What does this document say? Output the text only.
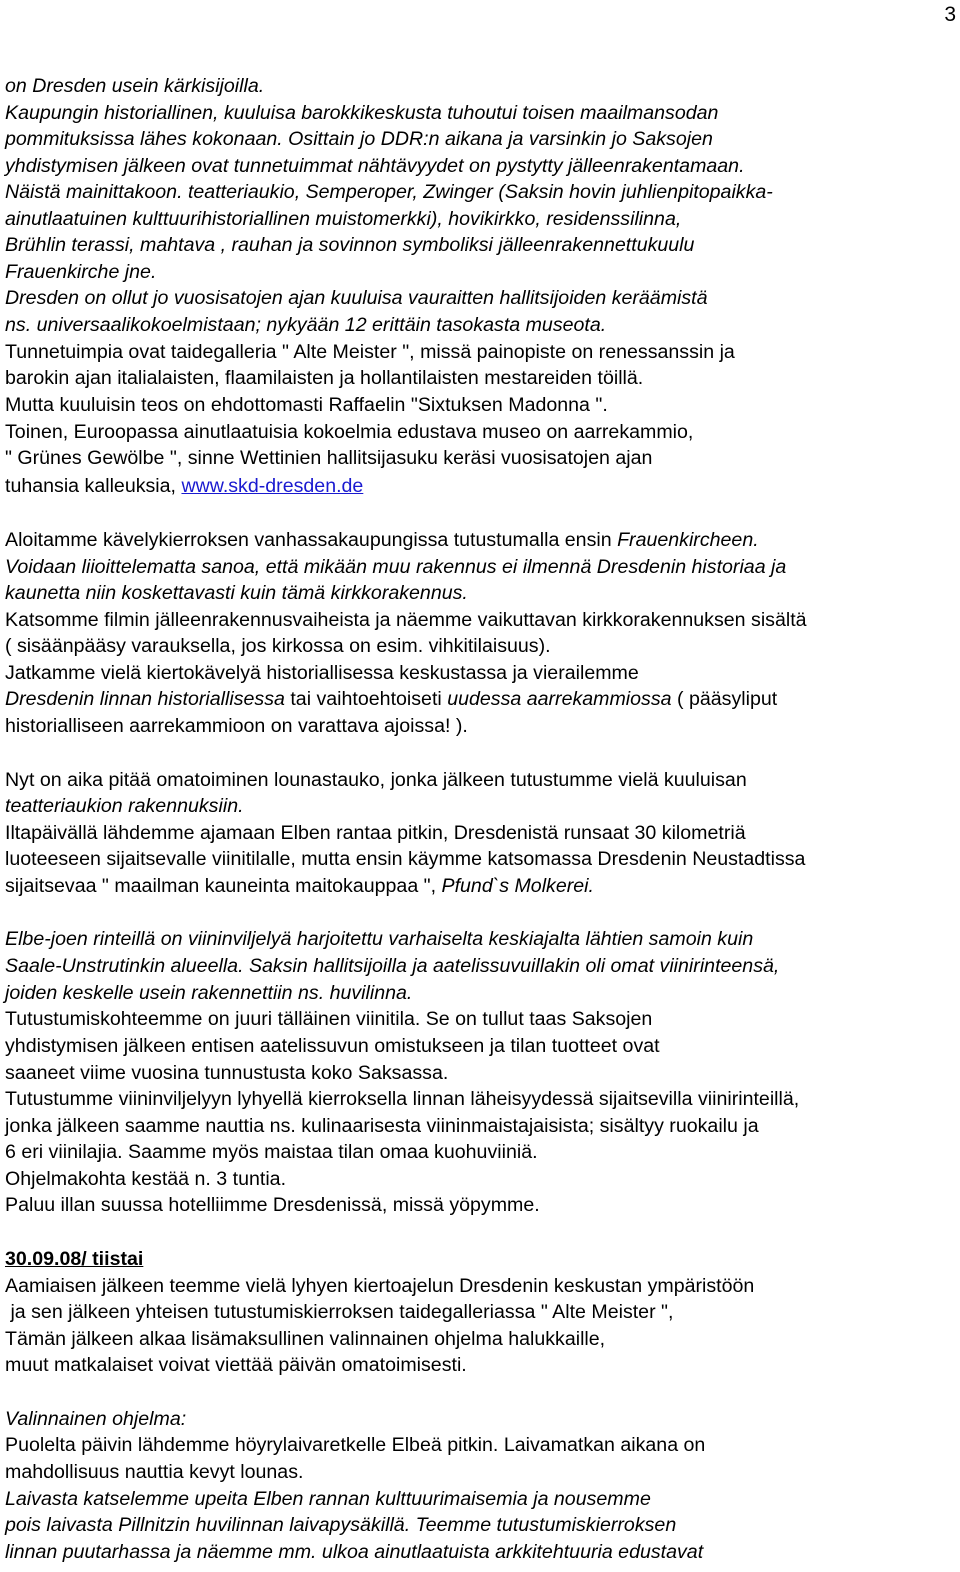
3
on Dresden usein kärkisijoilla.
Kaupungin historiallinen, kuuluisa barokkikeskusta tuhoutui toisen maailmansodan
pommituksissa lähes kokonaan. Osittain jo DDR:n aikana ja varsinkin jo Saksojen
yhdistymisen jälkeen ovat tunnetuimmat nähtävyydet on pystytty jälleenrakentamaan.
Näistä mainittakoon. teatteriaukio, Semperoper, Zwinger (Saksin hovin juhlienpitopaikka-
ainutlaatuinen kulttuurihistoriallinen muistomerkki), hovikirkko, residenssilinna,
Brühlin terassi, mahtava , rauhan ja sovinnon symboliksi jälleenrakennettukuulu
Frauenkirche jne.
Dresden on ollut jo vuosisatojen ajan kuuluisa vauraitten hallitsijoiden keräämistä
ns. universaalikokoelmistaan; nykyään 12 erittäin tasokasta museota.
Tunnetuimpia ovat taidegalleria " Alte Meister ", missä painopiste on renessanssin ja
barokin ajan italialaisten, flaamilaisten ja hollantilaisten mestareiden töillä.
Mutta kuuluisin teos on ehdottomasti Raffaelin "Sixtuksen Madonna ".
Toinen, Euroopassa ainutlaatuisia kokoelmia edustava museo on aarrekammio,
" Grünes Gewölbe ", sinne Wettinien hallitsijasuku keräsi vuosisatojen ajan
tuhansia kalleuksia, www.skd-dresden.de
Aloitamme kävelykierroksen vanhassakaupungissa tutustumalla ensin Frauenkircheen.
Voidaan liioittelematta sanoa, että mikään muu rakennus ei ilmennä Dresdenin historiaa ja
kaunetta niin koskettavasti kuin tämä kirkkorakennus.
Katsomme filmin jälleenrakennusvaiheista ja näemme vaikuttavan kirkkorakennuksen sisältä
( sisäänpääsy varauksella, jos kirkossa on esim. vihkitilaisuus).
Jatkamme vielä kiertokävelyä historiallisessa keskustassa ja vierailemme
Dresdenin linnan historiallisessa tai vaihtoehtoiseti uudessa aarrekammiossa ( pääsyliput
historialliseen aarrekammioon on varattava ajoissa! ).
Nyt on aika pitää omatoiminen lounastauko, jonka jälkeen tutustumme vielä kuuluisan
teatteriaukion rakennuksiin.
Iltapäivällä lähdemme ajamaan Elben rantaa pitkin, Dresdenistä runsaat 30 kilometriä
luoteeseen sijaitsevalle viinitilalle, mutta ensin käymme katsomassa Dresdenin Neustadtissa
sijaitsevaa " maailman kauneinta maitokauppaa ", Pfund`s Molkerei.
Elbe-joen rinteillä on viininviljelyä harjoitettu varhaiselta keskiajalta lähtien samoin kuin
Saale-Unstrutinkin alueella. Saksin hallitsijoilla ja aatelissuvuillakin oli omat viinirinteensä,
joiden keskelle usein rakennettiin ns. huvilinna.
Tutustumiskohteemme on juuri tälläinen viinitila. Se on tullut taas Saksojen
yhdistymisen jälkeen entisen aatelissuvun omistukseen ja tilan tuotteet ovat
saaneet viime vuosina tunnustusta koko Saksassa.
Tutustumme viininviljelyyn lyhyellä kierroksella linnan läheisyydessä sijaitsevilla viinirinteillä,
jonka jälkeen saamme nauttia ns. kulinaarisesta viininmaistajaisista; sisältyy ruokailu ja
6 eri viinilajia. Saamme myös maistaa tilan omaa kuohuviiniä.
Ohjelmakohta kestää n. 3 tuntia.
Paluu illan suussa hotelliimme Dresdenissä, missä yöpymme.
30.09.08/ tiistai
Aamiaisen jälkeen teemme vielä lyhyen kiertoajelun Dresdenin keskustan ympäristöön
ja sen jälkeen yhteisen tutustumiskierroksen taidegalleriassa " Alte Meister ",
Tämän jälkeen alkaa lisämaksullinen valinnainen ohjelma halukkaille,
muut matkalaiset voivat viettää päivän omatoimisesti.
Valinnainen ohjelma:
Puolelta päivin lähdemme höyrylaivaretkelle Elbeä pitkin. Laivamatkan aikana on
mahdollisuus nauttia kevyt lounas.
Laivasta katselemme upeita Elben rannan kulttuurimaisemia ja nousemme
pois laivasta Pillnitzin huvilinnan laivapysäkillä. Teemme tutustumiskierroksen
linnan puutarhassa ja näemme mm. ulkoa ainutlaatuista arkkitehtuuria edustavat
